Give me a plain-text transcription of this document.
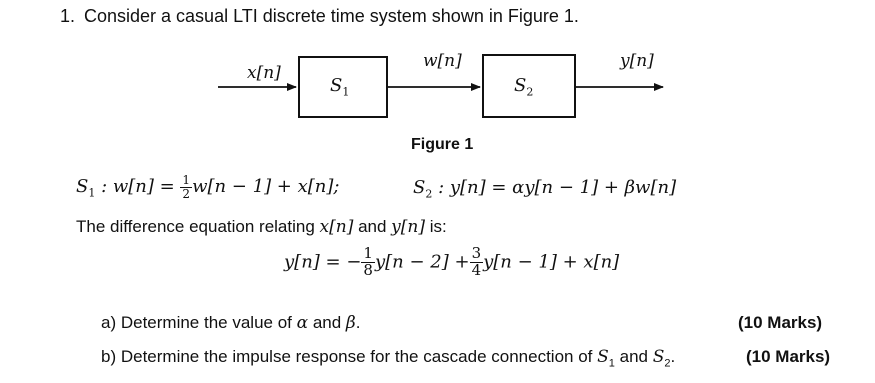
1. Consider a casual LTI discrete time system shown in Figure 1.
$S_1$	$S_2$
x[n]
w[n]	y[n]
Figure 1
$S_1$ : $w[n] = \frac{1}{2} w[n - 1] + x[n]$;	$S_2$ : y[n] = αy[n − 1] + βw[n]
The difference equation relating x[n] and y[n] is:
y[n] = − $\frac{1}{8} y[n - 2] + \frac{3}{4} y[n - 1] + x[n]$
a) Determine the value of α and β.	(10 Marks)
b) Determine the impulse response for the cascade connection of $S_1$ and $S_2$.	(10 Marks)
